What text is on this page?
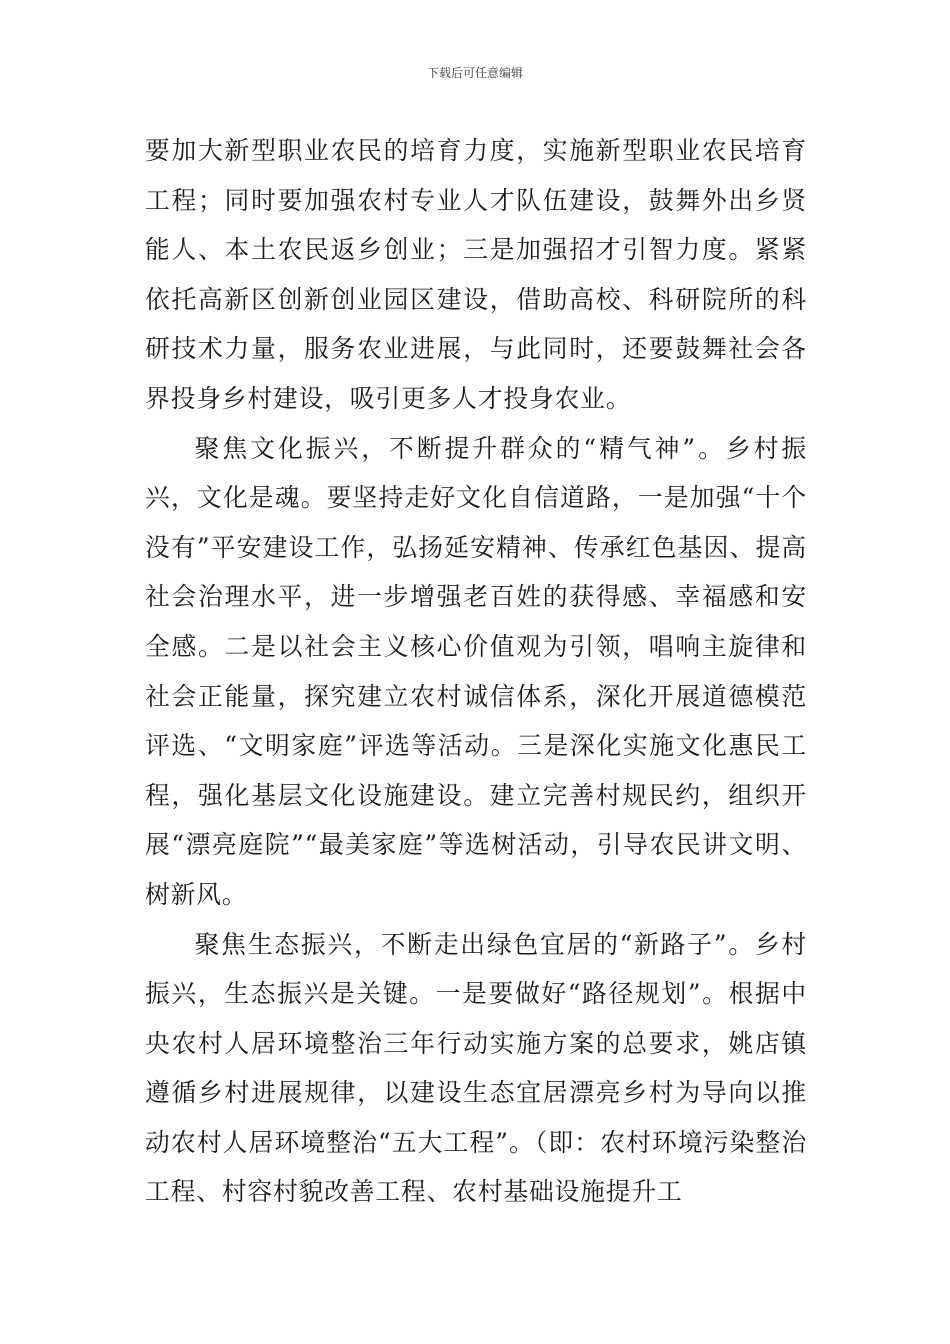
下载后可任意编辑

要加大新型职业农民的培育力度，实施新型职业农民培育工程；同时要加强农村专业人才队伍建设，鼓舞外出乡贤能人、本土农民返乡创业；三是加强招才引智力度。紧紧依托高新区创新创业园区建设，借助高校、科研院所的科研技术力量，服务农业进展，与此同时，还要鼓舞社会各界投身乡村建设，吸引更多人才投身农业。

聚焦文化振兴，不断提升群众的“精气神”。乡村振兴，文化是魂。要坚持走好文化自信道路，一是加强“十个没有”平安建设工作，弘扬延安精神、传承红色基因、提高社会治理水平，进一步增强老百姓的获得感、幸福感和安全感。二是以社会主义核心价值观为引领，唱响主旋律和社会正能量，探究建立农村诚信体系，深化开展道德模范评选、“文明家庭”评选等活动。三是深化实施文化惠民工程，强化基层文化设施建设。建立完善村规民约，组织开展“漂亮庭院”“最美家庭”等选树活动，引导农民讲文明、树新风。

聚焦生态振兴，不断走出绿色宜居的“新路子”。乡村振兴，生态振兴是关键。一是要做好“路径规划”。根据中央农村人居环境整治三年行动实施方案的总要求，姚店镇遵循乡村进展规律，以建设生态宜居漂亮乡村为导向以推动农村人居环境整治“五大工程”。（即：农村环境污染整治工程、村容村貌改善工程、农村基础设施提升工
